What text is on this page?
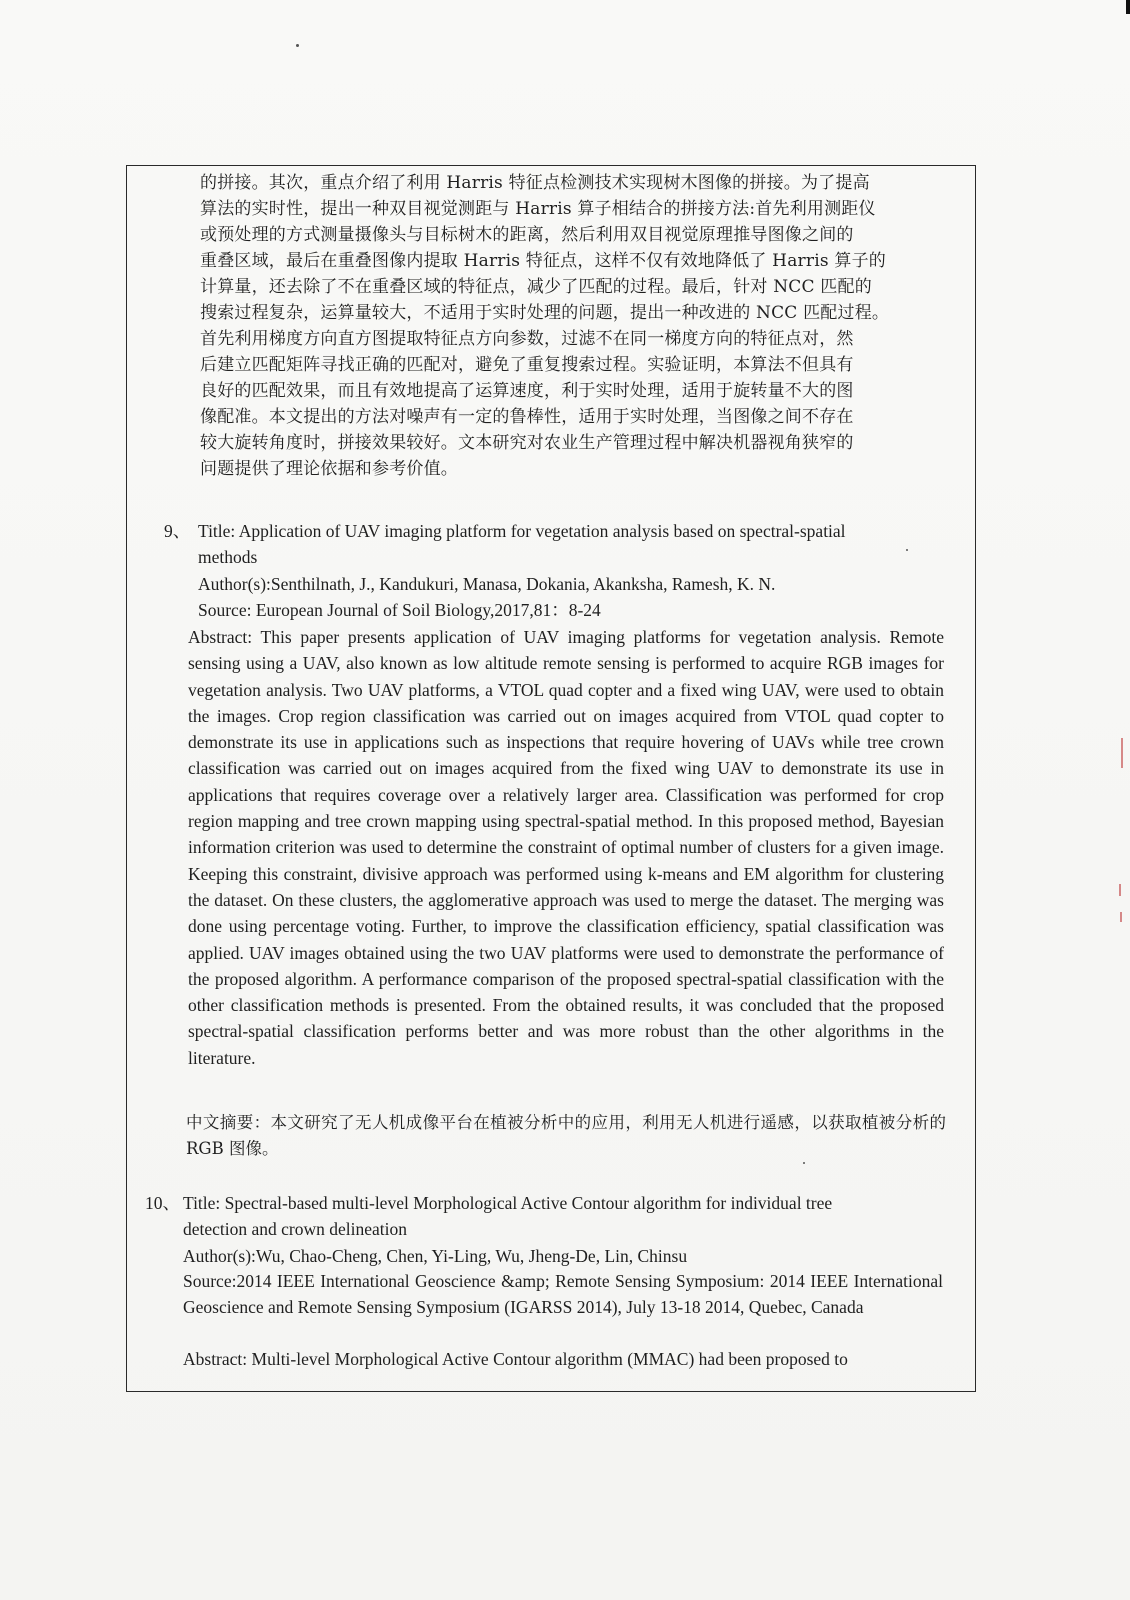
的拼接。其次，重点介绍了利用 Harris 特征点检测技术实现树木图像的拼接。为了提高
算法的实时性，提出一种双目视觉测距与 Harris 算子相结合的拼接方法:首先利用测距仪
或预处理的方式测量摄像头与目标树木的距离，然后利用双目视觉原理推导图像之间的
重叠区域，最后在重叠图像内提取 Harris 特征点，这样不仅有效地降低了 Harris 算子的
计算量，还去除了不在重叠区域的特征点，减少了匹配的过程。最后，针对 NCC 匹配的
搜索过程复杂，运算量较大，不适用于实时处理的问题，提出一种改进的 NCC 匹配过程。
首先利用梯度方向直方图提取特征点方向参数，过滤不在同一梯度方向的特征点对，然
后建立匹配矩阵寻找正确的匹配对，避免了重复搜索过程。实验证明，本算法不但具有
良好的匹配效果，而且有效地提高了运算速度，利于实时处理，适用于旋转量不大的图
像配准。本文提出的方法对噪声有一定的鲁棒性，适用于实时处理，当图像之间不存在
较大旋转角度时，拼接效果较好。文本研究对农业生产管理过程中解决机器视角狭窄的
问题提供了理论依据和参考价值。
9、 Title: Application of UAV imaging platform for vegetation analysis based on spectral-spatial
methods
Author(s):Senthilnath, J., Kandukuri, Manasa, Dokania, Akanksha, Ramesh, K. N.
Source: European Journal of Soil Biology,2017,81：8-24
Abstract: This paper presents application of UAV imaging platforms for vegetation analysis. Remote sensing using a UAV, also known as low altitude remote sensing is performed to acquire RGB images for vegetation analysis. Two UAV platforms, a VTOL quad copter and a fixed wing UAV, were used to obtain the images. Crop region classification was carried out on images acquired from VTOL quad copter to demonstrate its use in applications such as inspections that require hovering of UAVs while tree crown classification was carried out on images acquired from the fixed wing UAV to demonstrate its use in applications that requires coverage over a relatively larger area. Classification was performed for crop region mapping and tree crown mapping using spectral-spatial method. In this proposed method, Bayesian information criterion was used to determine the constraint of optimal number of clusters for a given image. Keeping this constraint, divisive approach was performed using k-means and EM algorithm for clustering the dataset. On these clusters, the agglomerative approach was used to merge the dataset. The merging was done using percentage voting. Further, to improve the classification efficiency, spatial classification was applied. UAV images obtained using the two UAV platforms were used to demonstrate the performance of the proposed algorithm. A performance comparison of the proposed spectral-spatial classification with the other classification methods is presented. From the obtained results, it was concluded that the proposed spectral-spatial classification performs better and was more robust than the other algorithms in the literature.
中文摘要：本文研究了无人机成像平台在植被分析中的应用，利用无人机进行遥感，以获取植被分析的 RGB 图像。
10、 Title: Spectral-based multi-level Morphological Active Contour algorithm for individual tree
detection and crown delineation
Author(s):Wu, Chao-Cheng, Chen, Yi-Ling, Wu, Jheng-De, Lin, Chinsu
Source:2014 IEEE International Geoscience &amp; Remote Sensing Symposium: 2014 IEEE International Geoscience and Remote Sensing Symposium (IGARSS 2014), July 13-18 2014, Quebec, Canada
Abstract: Multi-level Morphological Active Contour algorithm (MMAC) had been proposed to
